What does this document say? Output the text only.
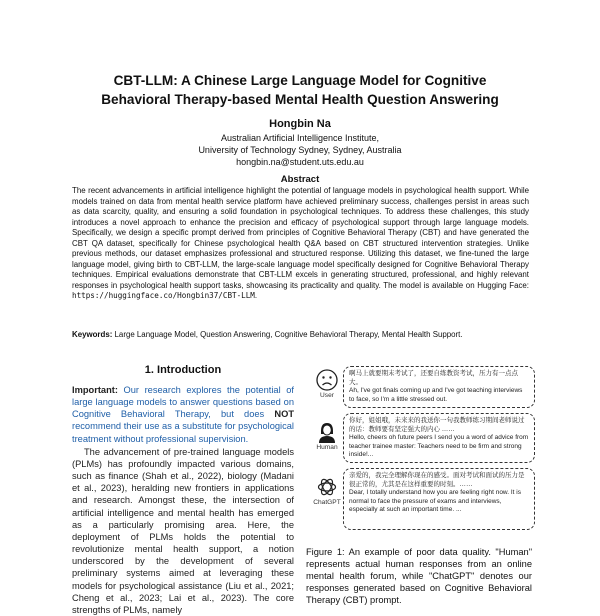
CBT-LLM: A Chinese Large Language Model for Cognitive
Behavioral Therapy-based Mental Health Question Answering
Hongbin Na
Australian Artificial Intelligence Institute,
University of Technology Sydney, Sydney, Australia
hongbin.na@student.uts.edu.au
Abstract
The recent advancements in artificial intelligence highlight the potential of language models in psychological health support. While models trained on data from mental health service platform have achieved preliminary success, challenges persist in areas such as data scarcity, quality, and ensuring a solid foundation in psychological techniques. To address these challenges, this study introduces a novel approach to enhance the precision and efficacy of psychological support through large language models. Specifically, we design a specific prompt derived from principles of Cognitive Behavioral Therapy (CBT) and have generated the CBT QA dataset, specifically for Chinese psychological health Q&A based on CBT structured intervention strategies. Unlike previous methods, our dataset emphasizes professional and structured response. Utilizing this dataset, we fine-tuned the large language model, giving birth to CBT-LLM, the large-scale language model specifically designed for Cognitive Behavioral Therapy techniques. Empirical evaluations demonstrate that CBT-LLM excels in generating structured, professional, and highly relevant responses in psychological health support tasks, showcasing its practicality and quality. The model is available on Hugging Face: https://huggingface.co/Hongbin37/CBT-LLM.
Keywords: Large Language Model, Question Answering, Cognitive Behavioral Therapy, Mental Health Support.
1. Introduction

Important: Our research explores the potential of large language models to answer questions based on Cognitive Behavioral Therapy, but does NOT recommend their use as a substitute for psychological treatment without professional supervision.

The advancement of pre-trained language models (PLMs) has profoundly impacted various domains, such as finance (Shah et al., 2022), biology (Madani et al., 2023), heralding new frontiers in applications and research. Amongst these, the intersection of artificial intelligence and mental health has emerged as a particularly promising area. Here, the deployment of PLMs holds the potential to revolutionize mental health support, a notion underscored by the development of several preliminary systems aimed at leveraging these models for psychological assistance (Liu et al., 2021; Cheng et al., 2023; Lai et al., 2023). The core strengths of PLMs, namely

User
啊马上就要期末考试了，还要自练教资考试，压力有一点点大。
Ah, I've got finals coming up and I've got teaching interviews to face, so I'm a little stressed out.
Human
你好，姐姐哦，未来来的我送你一句我教师练习期间老师说过的话：教师要有坚定强大的内心 ……
Hello, cheers oh future peers I send you a word of advice from teacher trainee master: Teachers need to be firm and strong inside!...
ChatGPT
亲爱的，我完全理解你现在的感受。面对考试和面试的压力是很正常的，尤其是在这样重要的时刻。……
Dear, I totally understand how you are feeling right now. It is normal to face the pressure of exams and interviews, especially at such an important time. ...
Figure 1: An example of poor data quality. "Human" represents actual human responses from an online mental health forum, while "ChatGPT" denotes our responses generated based on Cognitive Behavioral Therapy (CBT) prompt.
